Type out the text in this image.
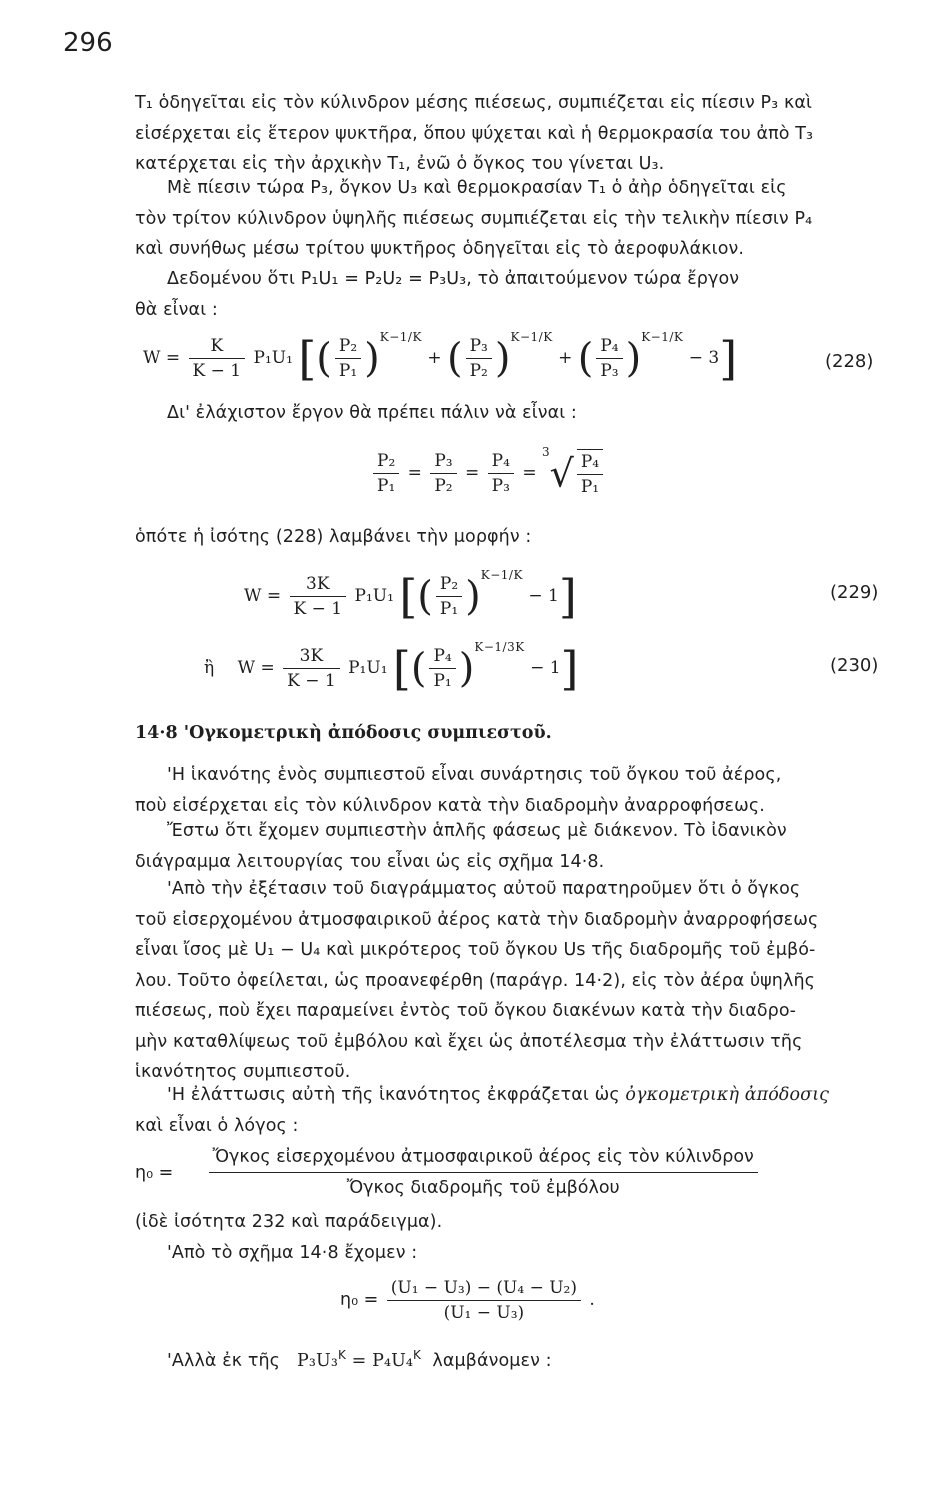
296
T₁ ὁδηγεῖται εἰς τὸν κύλινδρον μέσης πιέσεως, συμπιέζεται εἰς πίεσιν P₃ καὶ
εἰσέρχεται εἰς ἕτερον ψυκτῆρα, ὅπου ψύχεται καὶ ἡ θερμοκρασία του ἀπὸ T₃
κατέρχεται εἰς τὴν ἀρχικὴν T₁, ἐνῶ ὁ ὄγκος του γίνεται U₃.
Μὲ πίεσιν τώρα P₃, ὄγκον U₃ καὶ θερμοκρασίαν T₁ ὁ ἀὴρ ὁδηγεῖται εἰς
τὸν τρίτον κύλινδρον ὑψηλῆς πιέσεως συμπιέζεται εἰς τὴν τελικὴν πίεσιν P₄
καὶ συνήθως μέσω τρίτου ψυκτῆρος ὁδηγεῖται εἰς τὸ ἀεροφυλάκιον.
Δεδομένου ὅτι P₁U₁ = P₂U₂ = P₃U₃, τὸ ἀπαιτούμενον τώρα ἔργον
θὰ εἶναι :
$W = \frac{K}{K - 1} P_1U_1$ [( $\frac{\text{P₂}}{\text{P₁}} )^{K-1/K}$ + ( $\frac{\text{P₃}}{\text{P₂}} )^{K-1/K}$ + ( $\frac{\text{P₄}}{\text{P₃}} )^{K-1/K} - 3$]	(228)
Δι' ἐλάχιστον ἔργον θὰ πρέπει πάλιν νὰ εἶναι :
$\frac{\text{P₂}}{\text{P₁}} = \frac{\text{P₃}}{\text{P₂}} = \frac{\text{P₄}}{\text{P₃}} = ^3√ \frac{\text{P₄}}{\text{P₁}}$
ὁπότε ἡ ἰσότης (228) λαμβάνει τὴν μορφήν :
$W = \frac{3K}{K - 1} P_1U_1$ [( $\frac{\text{P₂}}{\text{P₁}} )^{K-1/K} - 1$]	(229)
ἢ $W = \frac{3K}{K - 1} P_1U_1$ [( $\frac{\text{P₄}}{\text{P₁}} )^{K-1/3K} - 1$]	(230)
14·8 'Ογκομετρικὴ ἀπόδοσις συμπιεστοῦ.
'Η ἱκανότης ἑνὸς συμπιεστοῦ εἶναι συνάρτησις τοῦ ὄγκου τοῦ ἀέρος,
ποὺ εἰσέρχεται εἰς τὸν κύλινδρον κατὰ τὴν διαδρομὴν ἀναρροφήσεως.
Ἔστω ὅτι ἔχομεν συμπιεστὴν ἁπλῆς φάσεως μὲ διάκενον. Τὸ ἰδανικὸν
διάγραμμα λειτουργίας του εἶναι ὡς εἰς σχῆμα 14·8.
'Απὸ τὴν ἐξέτασιν τοῦ διαγράμματος αὐτοῦ παρατηροῦμεν ὅτι ὁ ὄγκος
τοῦ εἰσερχομένου ἀτμοσφαιρικοῦ ἀέρος κατὰ τὴν διαδρομὴν ἀναρροφήσεως
εἶναι ἴσος μὲ U₁ − U₄ καὶ μικρότερος τοῦ ὄγκου Us τῆς διαδρομῆς τοῦ ἐμβό-
λου. Τοῦτο ὀφείλεται, ὡς προανεφέρθη (παράγρ. 14·2), εἰς τὸν ἀέρα ὑψηλῆς
πιέσεως, ποὺ ἔχει παραμείνει ἐντὸς τοῦ ὄγκου διακένων κατὰ τὴν διαδρο-
μὴν καταθλίψεως τοῦ ἐμβόλου καὶ ἔχει ὡς ἀποτέλεσμα τὴν ἐλάττωσιν τῆς
ἱκανότητος συμπιεστοῦ.
'Η ἐλάττωσις αὐτὴ τῆς ἱκανότητος ἐκφράζεται ὡς ὀγκομετρικὴ ἀπόδοσις
καὶ εἶναι ὁ λόγος :
$\eta_0 = \frac{\text{Ὄγκος εἰσερχομένου ἀτμοσφαιρικοῦ ἀέρος εἰς τὸν κύλινδρον}}{\text{Ὄγκος διαδρομῆς τοῦ ἐμβόλου}}$
(ἰδὲ ἰσότητα 232 καὶ παράδειγμα).
'Απὸ τὸ σχῆμα 14·8 ἔχομεν :
$\eta_0 = \frac{\text{(U₁ − U₃) − (U₄ − U₂)}}{\text{(U₁ − U₃)}}$ .
'Αλλὰ ἐκ τῆς P₃U₃$^K$ = P₄U₄$^K$ λαμβάνομεν :
